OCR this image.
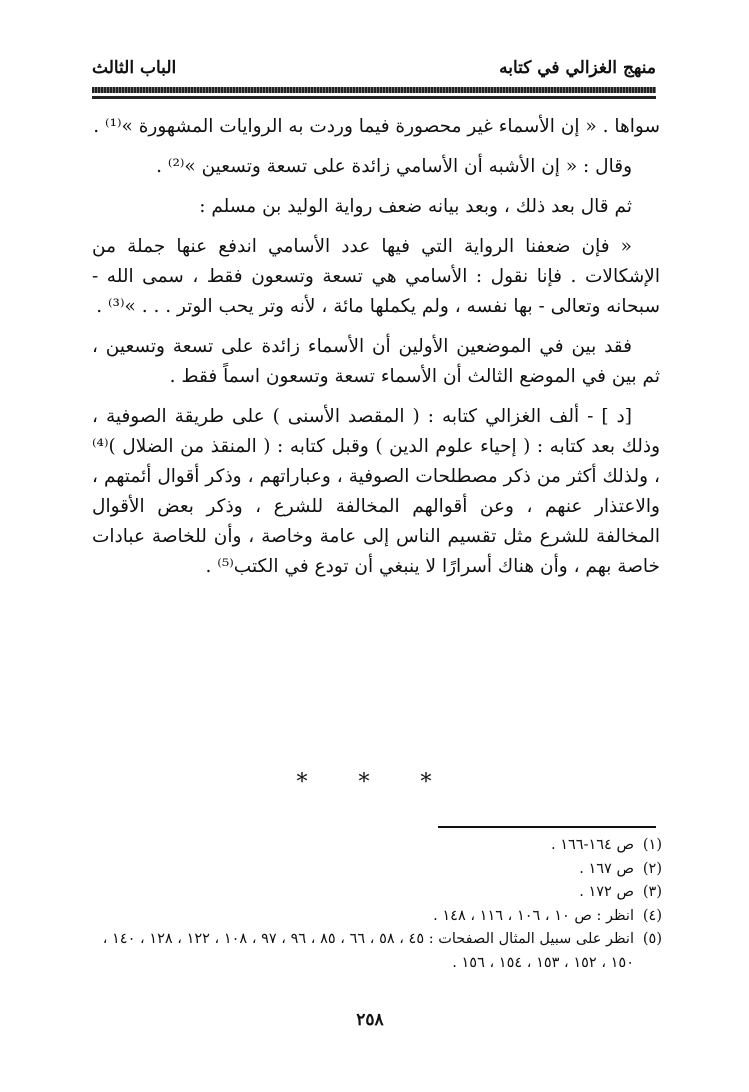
منهج الغزالي في كتابه
الباب الثالث

سواها . « إن الأسماء غير محصورة فيما وردت به الروايات المشهورة »⁽¹⁾ .

وقال : « إن الأشبه أن الأسامي زائدة على تسعة وتسعين »⁽²⁾ .

ثم قال بعد ذلك ، وبعد بيانه ضعف رواية الوليد بن مسلم :

« فإن ضعفنا الرواية التي فيها عدد الأسامي اندفع عنها جملة من الإشكالات . فإنا نقول : الأسامي هي تسعة وتسعون فقط ، سمى الله - سبحانه وتعالى - بها نفسه ، ولم يكملها مائة ، لأنه وتر يحب الوتر . . . »⁽³⁾ .

فقد بين في الموضعين الأولين أن الأسماء زائدة على تسعة وتسعين ، ثم بين في الموضع الثالث أن الأسماء تسعة وتسعون اسماً فقط .

[د ] - ألف الغزالي كتابه : ( المقصد الأسنى ) على طريقة الصوفية ، وذلك بعد كتابه : ( إحياء علوم الدين ) وقبل كتابه : ( المنقذ من الضلال )⁽⁴⁾ ، ولذلك أكثر من ذكر مصطلحات الصوفية ، وعباراتهم ، وذكر أقوال أئمتهم ، والاعتذار عنهم ، وعن أقوالهم المخالفة للشرع ، وذكر بعض الأقوال المخالفة للشرع مثل تقسيم الناس إلى عامة وخاصة ، وأن للخاصة عبادات خاصة بهم ، وأن هناك أسرارًا لا ينبغي أن تودع في الكتب⁽⁵⁾ .

* * *
(١)
ص ١٦٤-١٦٦ .
(٢)
ص ١٦٧ .
(٣)
ص ١٧٢ .
(٤)
انظر : ص ١٠ ، ١٠٦ ، ١١٦ ، ١٤٨ .
(٥)
انظر على سبيل المثال الصفحات : ٤٥ ، ٥٨ ، ٦٦ ، ٨٥ ، ٩٦ ، ٩٧ ، ١٠٨ ، ١٢٢ ، ١٢٨ ، ١٤٠ ، ١٥٠ ، ١٥٢ ، ١٥٣ ، ١٥٤ ، ١٥٦ .
٢٥٨
